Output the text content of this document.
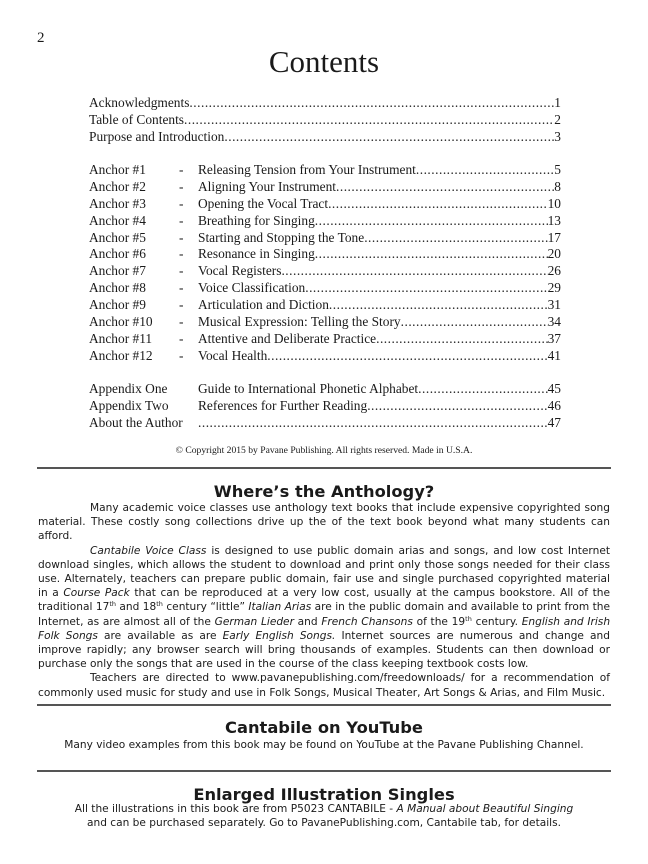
2
Contents
Acknowledgments .....	1
Table of Contents .....	2
Purpose and Introduction .....	3
Anchor #1	-	Releasing Tension from Your Instrument .....	5
Anchor #2	-	Aligning Your Instrument .....	8
Anchor #3	-	Opening the Vocal Tract .....	10
Anchor #4	-	Breathing for Singing .....	13
Anchor #5	-	Starting and Stopping the Tone .....	17
Anchor #6	-	Resonance in Singing .....	20
Anchor #7	-	Vocal Registers .....	26
Anchor #8	-	Voice Classification .....	29
Anchor #9	-	Articulation and Diction .....	31
Anchor #10	-	Musical Expression: Telling the Story .....	34
Anchor #11	-	Attentive and Deliberate Practice .....	37
Anchor #12	-	Vocal Health .....	41
Appendix One	Guide to International Phonetic Alphabet .....	45
Appendix Two	References for Further Reading .....	46
About the Author .....	47
© Copyright 2015 by Pavane Publishing. All rights reserved. Made in U.S.A.
Where’s the Anthology?

Many academic voice classes use anthology text books that include expensive copyrighted song material. These costly song collections drive up the of the text book beyond what many students can afford.

Cantabile Voice Class is designed to use public domain arias and songs, and low cost Internet download singles, which allows the student to download and print only those songs needed for their class use. Alternately, teachers can prepare public domain, fair use and single purchased copyrighted material in a Course Pack that can be reproduced at a very low cost, usually at the campus bookstore. All of the traditional 17th and 18th century “little” Italian Arias are in the public domain and available to print from the Internet, as are almost all of the German Lieder and French Chansons of the 19th century. English and Irish Folk Songs are available as are Early English Songs. Internet sources are numerous and change and improve rapidly; any browser search will bring thousands of examples. Students can then download or purchase only the songs that are used in the course of the class keeping textbook costs low.

Teachers are directed to www.pavanepublishing.com/freedownloads/ for a recommendation of commonly used music for study and use in Folk Songs, Musical Theater, Art Songs & Arias, and Film Music.

Cantabile on YouTube
Many video examples from this book may be found on YouTube at the Pavane Publishing Channel.
Enlarged Illustration Singles
All the illustrations in this book are from P5023 CANTABILE - A Manual about Beautiful Singing
and can be purchased separately. Go to PavanePublishing.com, Cantabile tab, for details.
